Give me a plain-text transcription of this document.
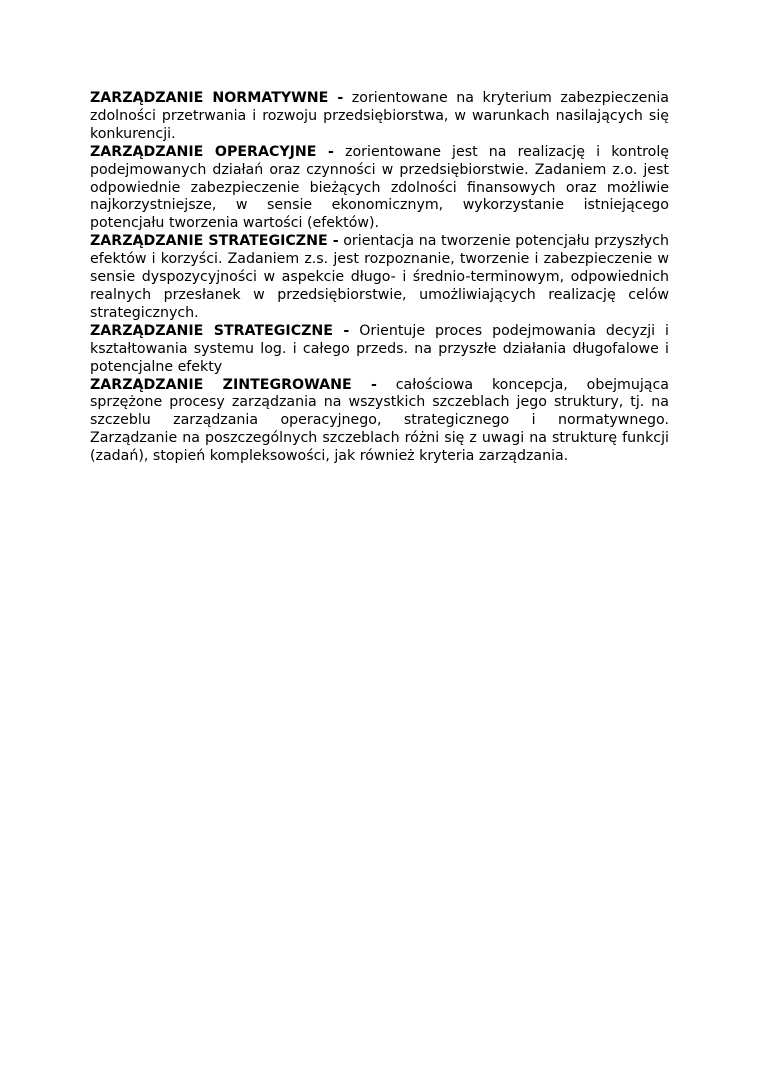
ZARZĄDZANIE NORMATYWNE - zorientowane na kryterium zabezpieczenia zdolności przetrwania i rozwoju przedsiębiorstwa, w warunkach nasilających się konkurencji.

ZARZĄDZANIE OPERACYJNE - zorientowane jest na realizację i kontrolę podejmowanych działań oraz czynności w przedsiębiorstwie. Zadaniem z.o. jest odpowiednie zabezpieczenie bieżących zdolności finansowych oraz możliwie najkorzystniejsze, w sensie ekonomicznym, wykorzystanie istniejącego potencjału tworzenia wartości (efektów).

ZARZĄDZANIE STRATEGICZNE - orientacja na tworzenie potencjału przyszłych efektów i korzyści. Zadaniem z.s. jest rozpoznanie, tworzenie i zabezpieczenie w sensie dyspozycyjności w aspekcie długo- i średnio-terminowym, odpowiednich realnych przesłanek w przedsiębiorstwie, umożliwiających realizację celów strategicznych.

ZARZĄDZANIE STRATEGICZNE - Orientuje proces podejmowania decyzji i kształtowania systemu log. i całego przeds. na przyszłe działania długofalowe i potencjalne efekty

ZARZĄDZANIE ZINTEGROWANE - całościowa koncepcja, obejmująca sprzężone procesy zarządzania na wszystkich szczeblach jego struktury, tj. na szczeblu zarządzania operacyjnego, strategicznego i normatywnego. Zarządzanie na poszczególnych szczeblach różni się z uwagi na strukturę funkcji (zadań), stopień kompleksowości, jak również kryteria zarządzania.
